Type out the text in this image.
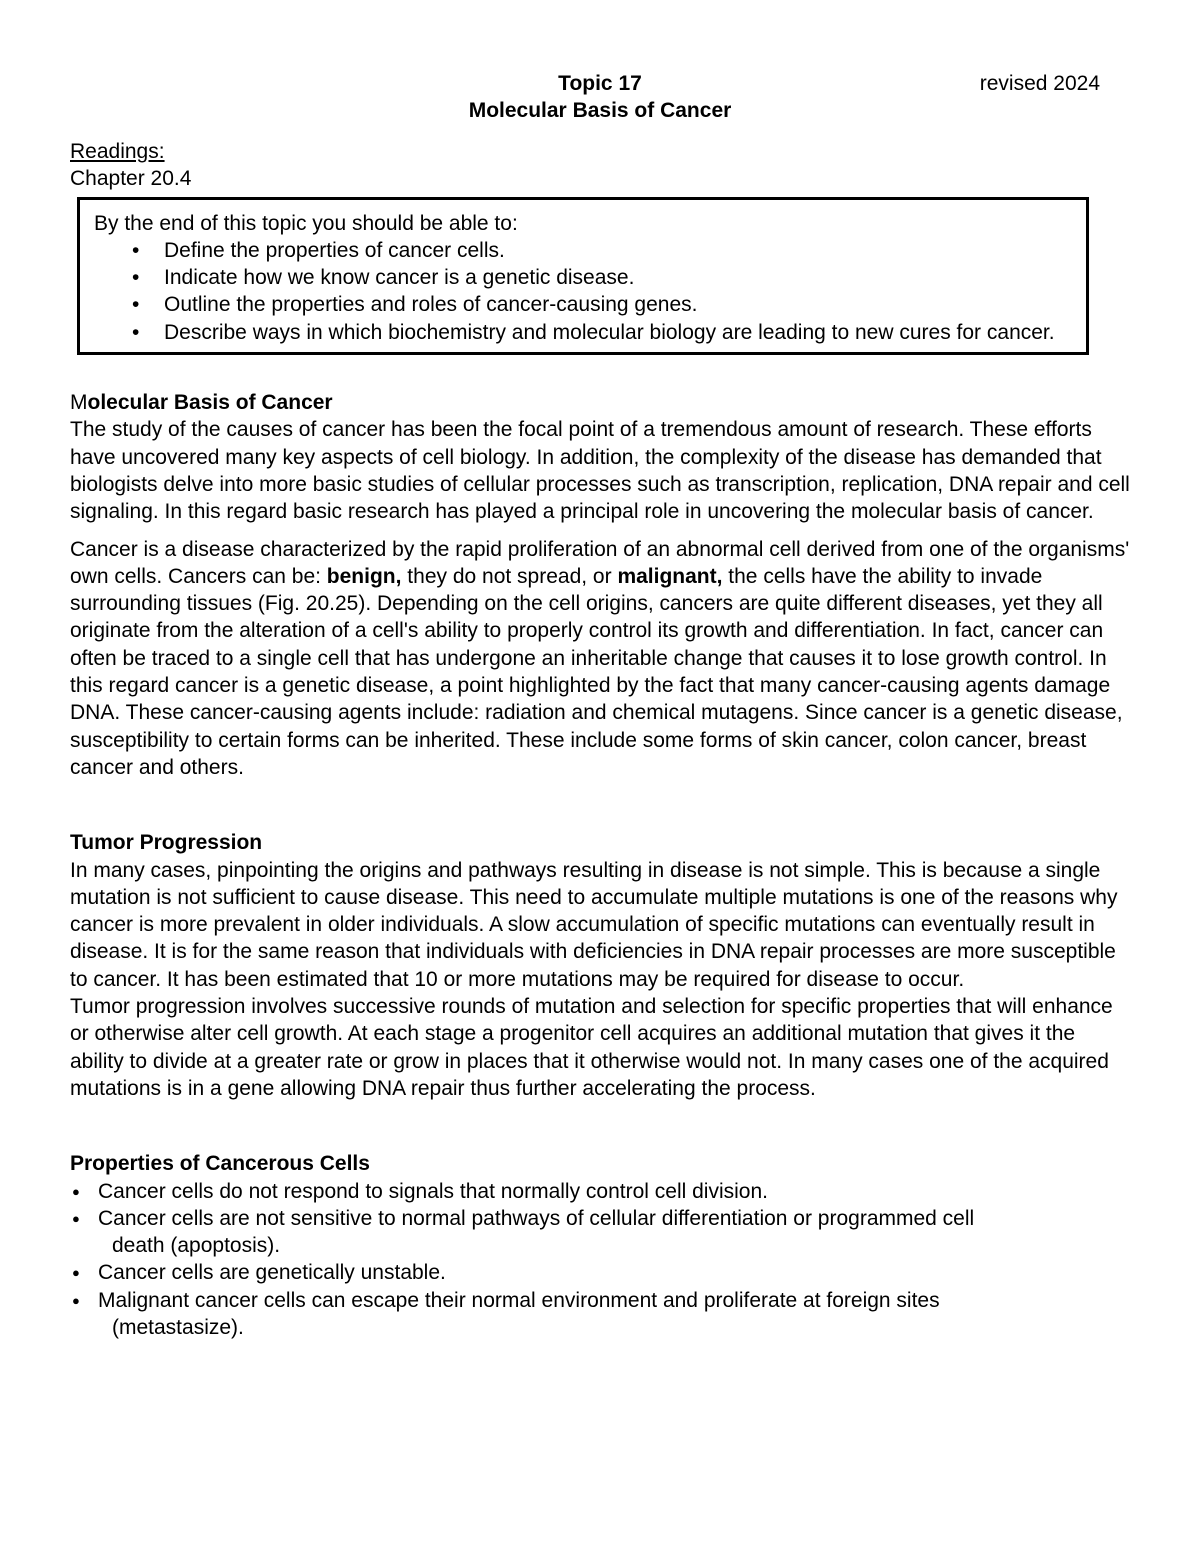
Topic 17
Molecular Basis of Cancer
revised 2024
Readings:
Chapter 20.4
By the end of this topic you should be able to:
• Define the properties of cancer cells.
• Indicate how we know cancer is a genetic disease.
• Outline the properties and roles of cancer-causing genes.
• Describe ways in which biochemistry and molecular biology are leading to new cures for cancer.
Molecular Basis of Cancer

The study of the causes of cancer has been the focal point of a tremendous amount of research. These efforts have uncovered many key aspects of cell biology. In addition, the complexity of the disease has demanded that biologists delve into more basic studies of cellular processes such as transcription, replication, DNA repair and cell signaling. In this regard basic research has played a principal role in uncovering the molecular basis of cancer.

Cancer is a disease characterized by the rapid proliferation of an abnormal cell derived from one of the organisms' own cells. Cancers can be: benign, they do not spread, or malignant, the cells have the ability to invade surrounding tissues (Fig. 20.25). Depending on the cell origins, cancers are quite different diseases, yet they all originate from the alteration of a cell's ability to properly control its growth and differentiation. In fact, cancer can often be traced to a single cell that has undergone an inheritable change that causes it to lose growth control. In this regard cancer is a genetic disease, a point highlighted by the fact that many cancer-causing agents damage DNA. These cancer-causing agents include: radiation and chemical mutagens. Since cancer is a genetic disease, susceptibility to certain forms can be inherited. These include some forms of skin cancer, colon cancer, breast cancer and others.

Tumor Progression

In many cases, pinpointing the origins and pathways resulting in disease is not simple. This is because a single mutation is not sufficient to cause disease. This need to accumulate multiple mutations is one of the reasons why cancer is more prevalent in older individuals. A slow accumulation of specific mutations can eventually result in disease. It is for the same reason that individuals with deficiencies in DNA repair processes are more susceptible to cancer. It has been estimated that 10 or more mutations may be required for disease to occur.

Tumor progression involves successive rounds of mutation and selection for specific properties that will enhance or otherwise alter cell growth. At each stage a progenitor cell acquires an additional mutation that gives it the ability to divide at a greater rate or grow in places that it otherwise would not. In many cases one of the acquired mutations is in a gene allowing DNA repair thus further accelerating the process.

Properties of Cancerous Cells
● Cancer cells do not respond to signals that normally control cell division.
● Cancer cells are not sensitive to normal pathways of cellular differentiation or programmed cell
death (apoptosis).
● Cancer cells are genetically unstable.
● Malignant cancer cells can escape their normal environment and proliferate at foreign sites
(metastasize).
